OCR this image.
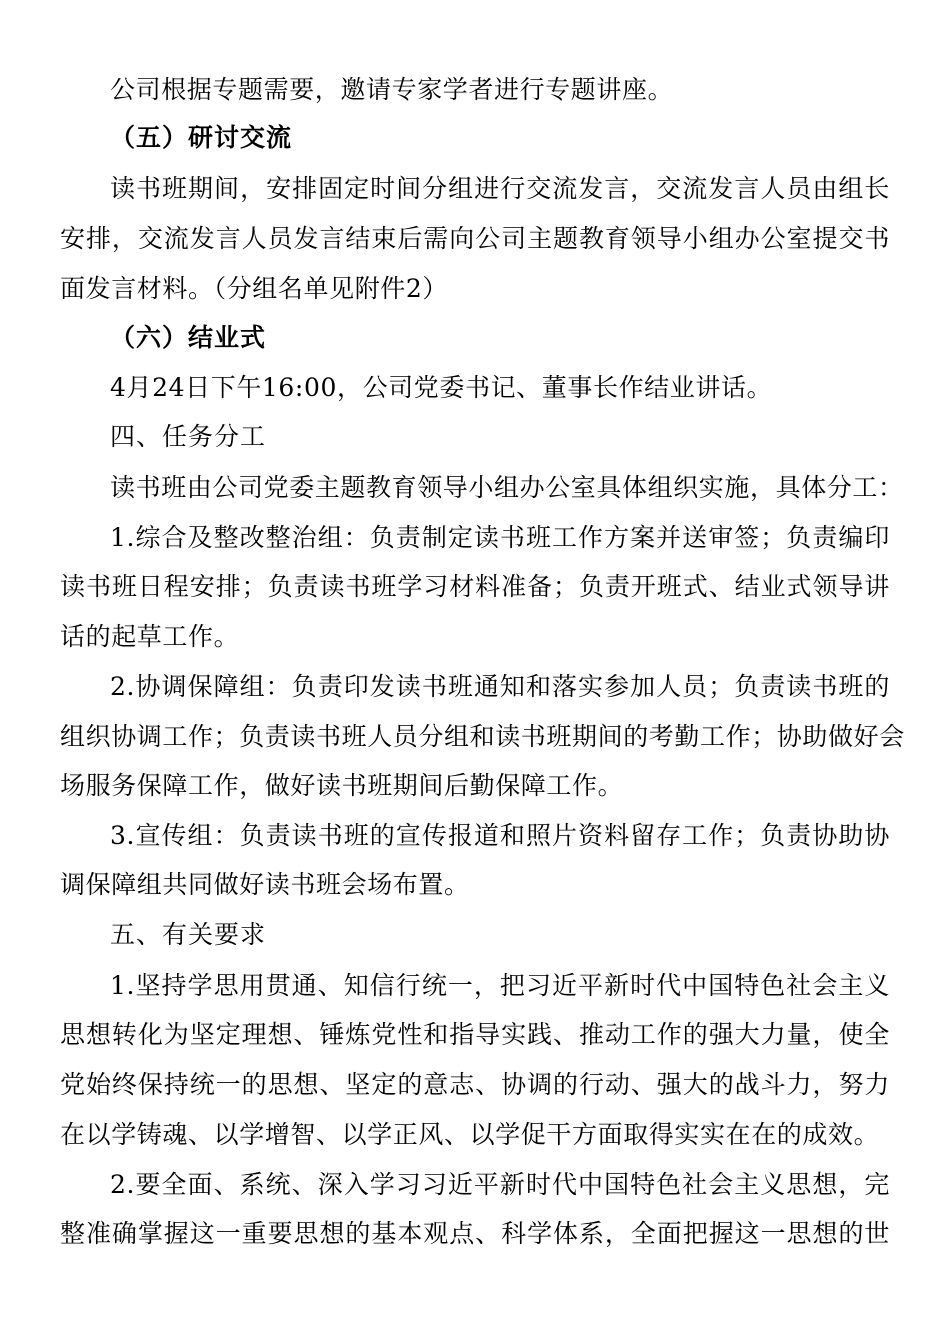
公司根据专题需要，邀请专家学者进行专题讲座。
（五）研讨交流
读书班期间，安排固定时间分组进行交流发言，交流发言人员由组长
安排，交流发言人员发言结束后需向公司主题教育领导小组办公室提交书
面发言材料。（分组名单见附件2）
（六）结业式
4月24日下午16:00，公司党委书记、董事长作结业讲话。
四、任务分工
读书班由公司党委主题教育领导小组办公室具体组织实施，具体分工：
1.综合及整改整治组：负责制定读书班工作方案并送审签；负责编印
读书班日程安排；负责读书班学习材料准备；负责开班式、结业式领导讲
话的起草工作。
2.协调保障组：负责印发读书班通知和落实参加人员；负责读书班的
组织协调工作；负责读书班人员分组和读书班期间的考勤工作；协助做好会
场服务保障工作，做好读书班期间后勤保障工作。
3.宣传组：负责读书班的宣传报道和照片资料留存工作；负责协助协
调保障组共同做好读书班会场布置。
五、有关要求
1.坚持学思用贯通、知信行统一，把习近平新时代中国特色社会主义
思想转化为坚定理想、锤炼党性和指导实践、推动工作的强大力量，使全
党始终保持统一的思想、坚定的意志、协调的行动、强大的战斗力，努力
在以学铸魂、以学增智、以学正风、以学促干方面取得实实在在的成效。
2.要全面、系统、深入学习习近平新时代中国特色社会主义思想，完
整准确掌握这一重要思想的基本观点、科学体系，全面把握这一思想的世
